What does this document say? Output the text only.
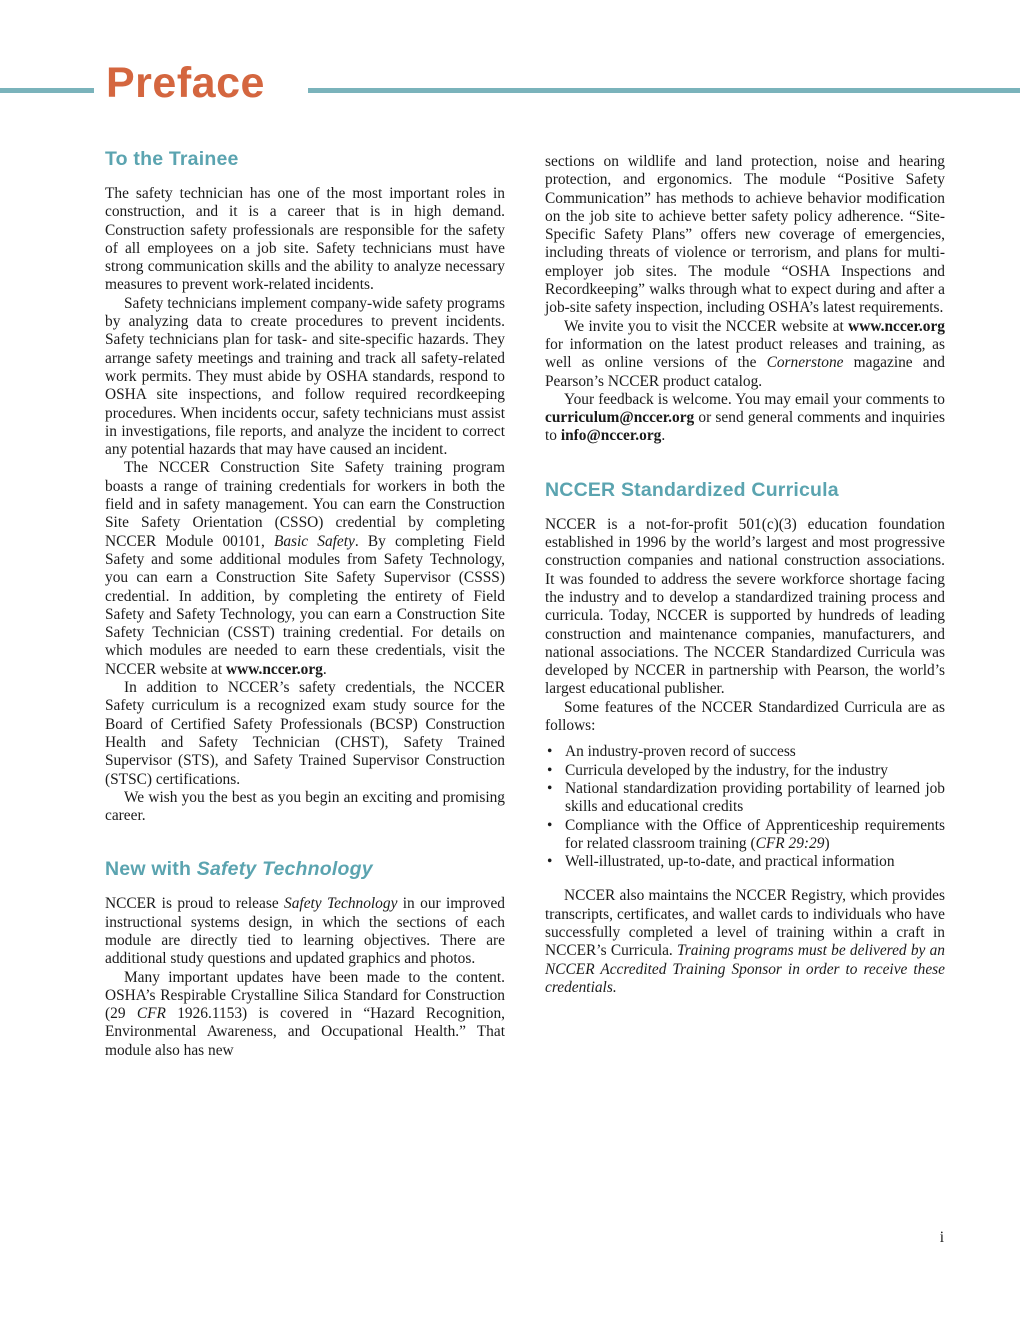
Preface
To the Trainee

The safety technician has one of the most important roles in construction, and it is a career that is in high demand. Construction safety professionals are responsible for the safety of all employees on a job site. Safety technicians must have strong communication skills and the ability to analyze necessary measures to prevent work-related incidents.

Safety technicians implement company-wide safety programs by analyzing data to create procedures to prevent incidents. Safety technicians plan for task- and site-specific hazards. They arrange safety meetings and training and track all safety-related work permits. They must abide by OSHA standards, respond to OSHA site inspections, and follow required recordkeeping procedures. When incidents occur, safety technicians must assist in investigations, file reports, and analyze the incident to correct any potential hazards that may have caused an incident.

The NCCER Construction Site Safety training program boasts a range of training credentials for workers in both the field and in safety management. You can earn the Construction Site Safety Orientation (CSSO) credential by completing NCCER Module 00101, Basic Safety. By completing Field Safety and some additional modules from Safety Technology, you can earn a Construction Site Safety Supervisor (CSSS) credential. In addition, by completing the entirety of Field Safety and Safety Technology, you can earn a Construction Site Safety Technician (CSST) training credential. For details on which modules are needed to earn these credentials, visit the NCCER website at www.nccer.org.

In addition to NCCER’s safety credentials, the NCCER Safety curriculum is a recognized exam study source for the Board of Certified Safety Professionals (BCSP) Construction Health and Safety Technician (CHST), Safety Trained Supervisor (STS), and Safety Trained Supervisor Construction (STSC) certifications.

We wish you the best as you begin an exciting and promising career.

New with Safety Technology

NCCER is proud to release Safety Technology in our improved instructional systems design, in which the sections of each module are directly tied to learning objectives. There are additional study questions and updated graphics and photos.

Many important updates have been made to the content. OSHA’s Respirable Crystalline Silica Standard for Construction (29 CFR 1926.1153) is covered in “Hazard Recognition, Environmental Awareness, and Occupational Health.” That module also has new

sections on wildlife and land protection, noise and hearing protection, and ergonomics. The module “Positive Safety Communication” has methods to achieve behavior modification on the job site to achieve better safety policy adherence. “Site-Specific Safety Plans” offers new coverage of emergencies, including threats of violence or terrorism, and plans for multi-employer job sites. The module “OSHA Inspections and Recordkeeping” walks through what to expect during and after a job-site safety inspection, including OSHA’s latest requirements.

We invite you to visit the NCCER website at www.nccer.org for information on the latest product releases and training, as well as online versions of the Cornerstone magazine and Pearson’s NCCER product catalog.

Your feedback is welcome. You may email your comments to curriculum@nccer.org or send general comments and inquiries to info@nccer.org.

NCCER Standardized Curricula

NCCER is a not-for-profit 501(c)(3) education foundation established in 1996 by the world’s largest and most progressive construction companies and national construction associations. It was founded to address the severe workforce shortage facing the industry and to develop a standardized training process and curricula. Today, NCCER is supported by hundreds of leading construction and maintenance companies, manufacturers, and national associations. The NCCER Standardized Curricula was developed by NCCER in partnership with Pearson, the world’s largest educational publisher.

Some features of the NCCER Standardized Curricula are as follows:

• An industry-proven record of success
• Curricula developed by the industry, for the industry
• National standardization providing portability of learned job skills and educational credits
• Compliance with the Office of Apprenticeship requirements for related classroom training (CFR 29:29)
• Well-illustrated, up-to-date, and practical information

NCCER also maintains the NCCER Registry, which provides transcripts, certificates, and wallet cards to individuals who have successfully completed a level of training within a craft in NCCER’s Curricula. Training programs must be delivered by an NCCER Accredited Training Sponsor in order to receive these credentials.

i
